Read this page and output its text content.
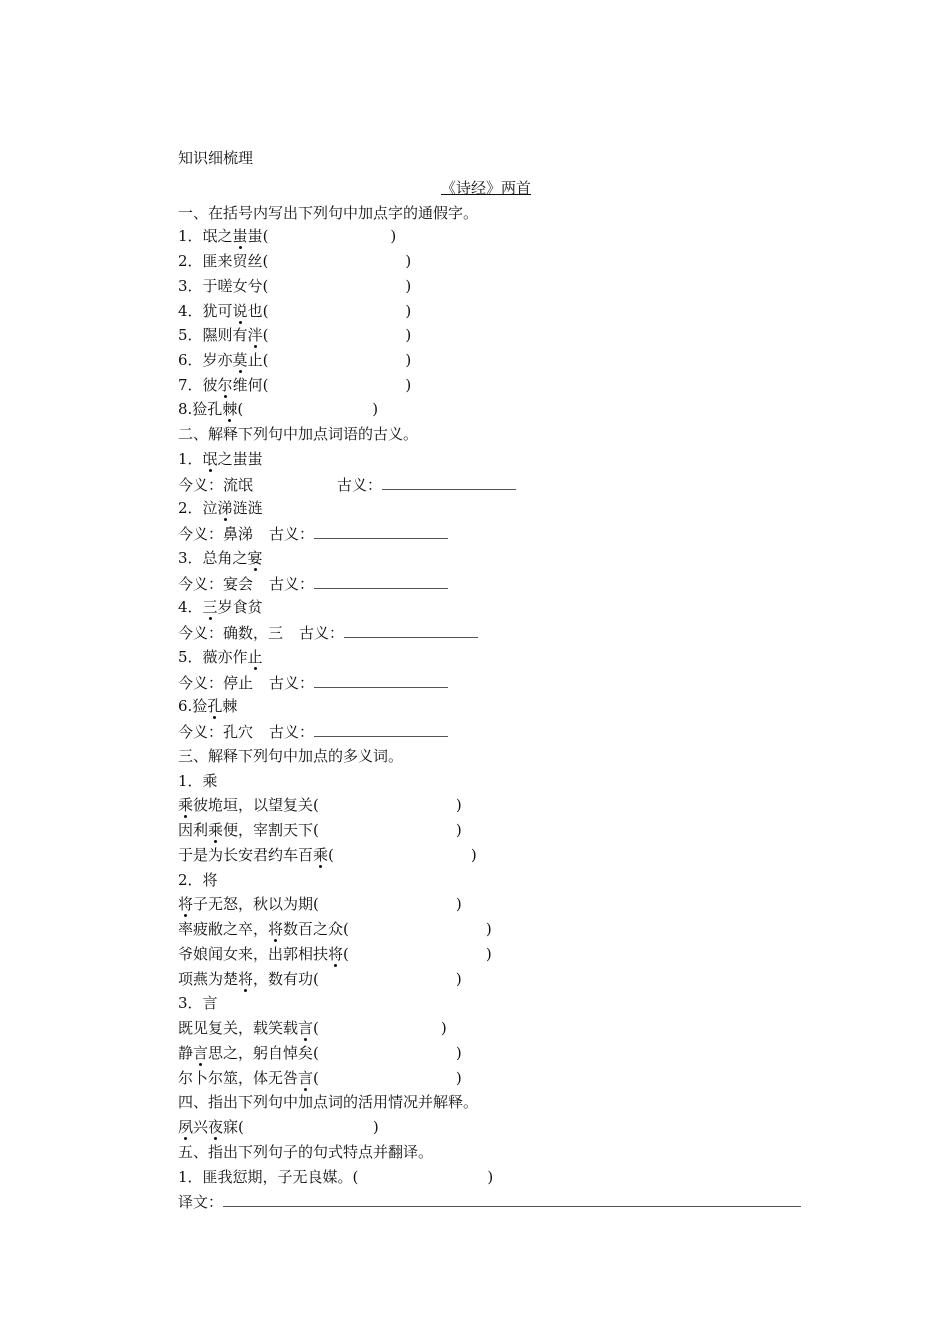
知识细梳理
《诗经》两首
一、在括号内写出下列句中加点字的通假字。
1．氓之蚩蚩(	)
2．匪来贸丝(	)
3．于嗟女兮(	)
4．犹可说也(	)
5．隰则有泮(	)
6．岁亦莫止(	)
7．彼尔维何(	)
8.猃孔棘(	)
二、解释下列句中加点词语的古义。
1．氓之蚩蚩
今义：流氓	古义：
2．泣涕涟涟
今义：鼻涕 古义：
3．总角之宴
今义：宴会 古义：
4．三岁食贫
今义：确数，三 古义：
5．薇亦作止
今义：停止 古义：
6.猃孔棘
今义：孔穴 古义：
三、解释下列句中加点的多义词。
1．乘
乘彼垝垣，以望复关(	)
因利乘便，宰割天下(	)
于是为长安君约车百乘(	)
2．将
将子无怒，秋以为期(	)
率疲敝之卒，将数百之众(	)
爷娘闻女来，出郭相扶将(	)
项燕为楚将，数有功(	)
3．言
既见复关，载笑载言(	)
静言思之，躬自悼矣(	)
尔卜尔筮，体无咎言(	)
四、指出下列句中加点词的活用情况并解释。
夙兴夜寐(	)
五、指出下列句子的句式特点并翻译。
1．匪我愆期，子无良媒。(	)
译文：
